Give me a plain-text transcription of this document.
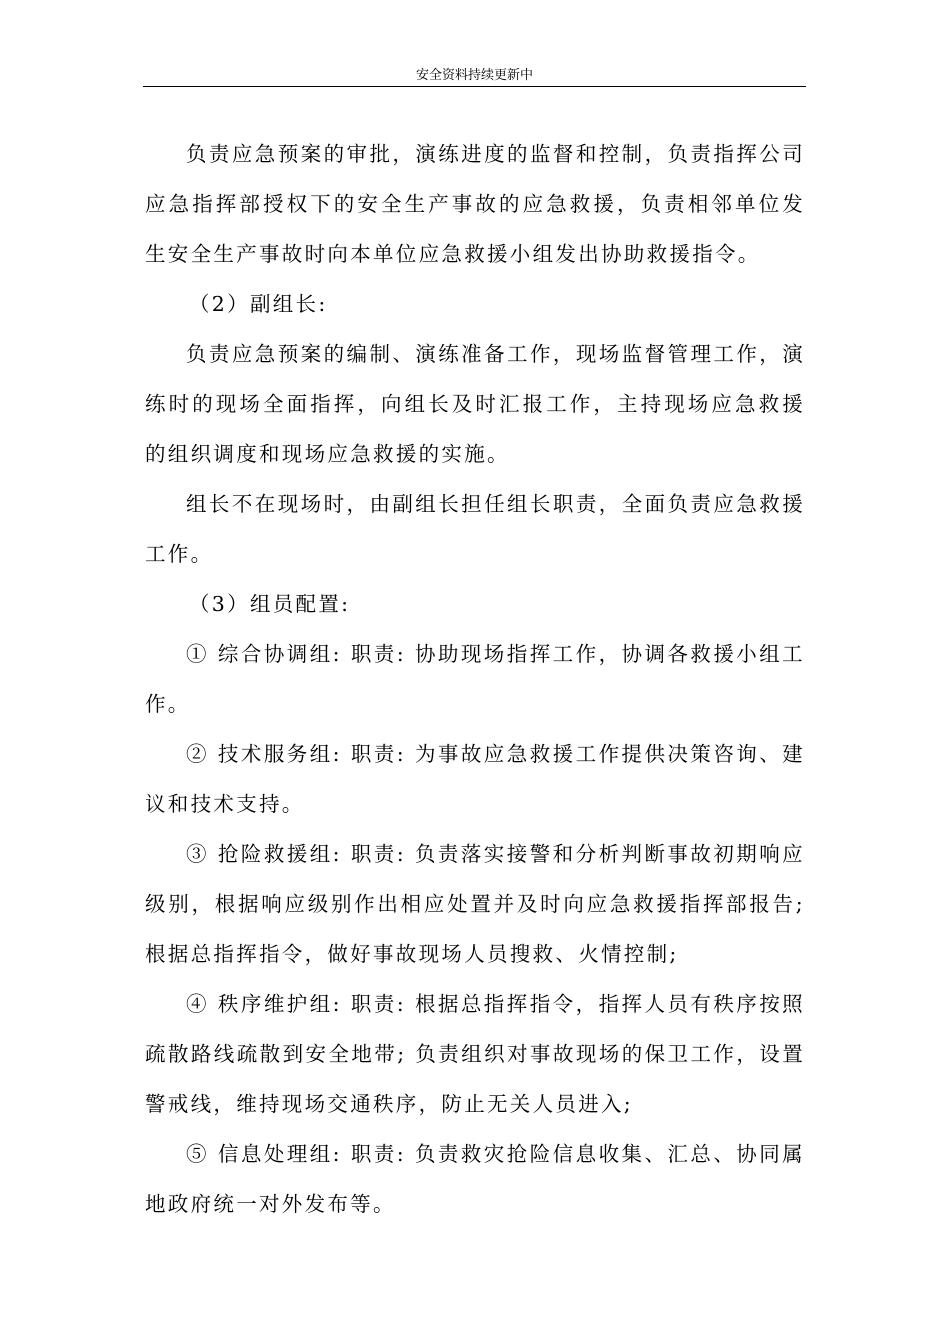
安全资料持续更新中

负责应急预案的审批，演练进度的监督和控制，负责指挥公司应急指挥部授权下的安全生产事故的应急救援，负责相邻单位发生安全生产事故时向本单位应急救援小组发出协助救援指令。

（2）副组长:

负责应急预案的编制、演练准备工作，现场监督管理工作，演练时的现场全面指挥，向组长及时汇报工作，主持现场应急救援的组织调度和现场应急救援的实施。

组长不在现场时，由副组长担任组长职责，全面负责应急救援工作。

（3）组员配置:

① 综合协调组: 职责: 协助现场指挥工作，协调各救援小组工作。

② 技术服务组: 职责: 为事故应急救援工作提供决策咨询、建议和技术支持。

③ 抢险救援组: 职责: 负责落实接警和分析判断事故初期响应级别，根据响应级别作出相应处置并及时向应急救援指挥部报告;根据总指挥指令，做好事故现场人员搜救、火情控制;

④ 秩序维护组: 职责: 根据总指挥指令，指挥人员有秩序按照疏散路线疏散到安全地带; 负责组织对事故现场的保卫工作，设置警戒线，维持现场交通秩序，防止无关人员进入;

⑤ 信息处理组: 职责: 负责救灾抢险信息收集、汇总、协同属地政府统一对外发布等。
